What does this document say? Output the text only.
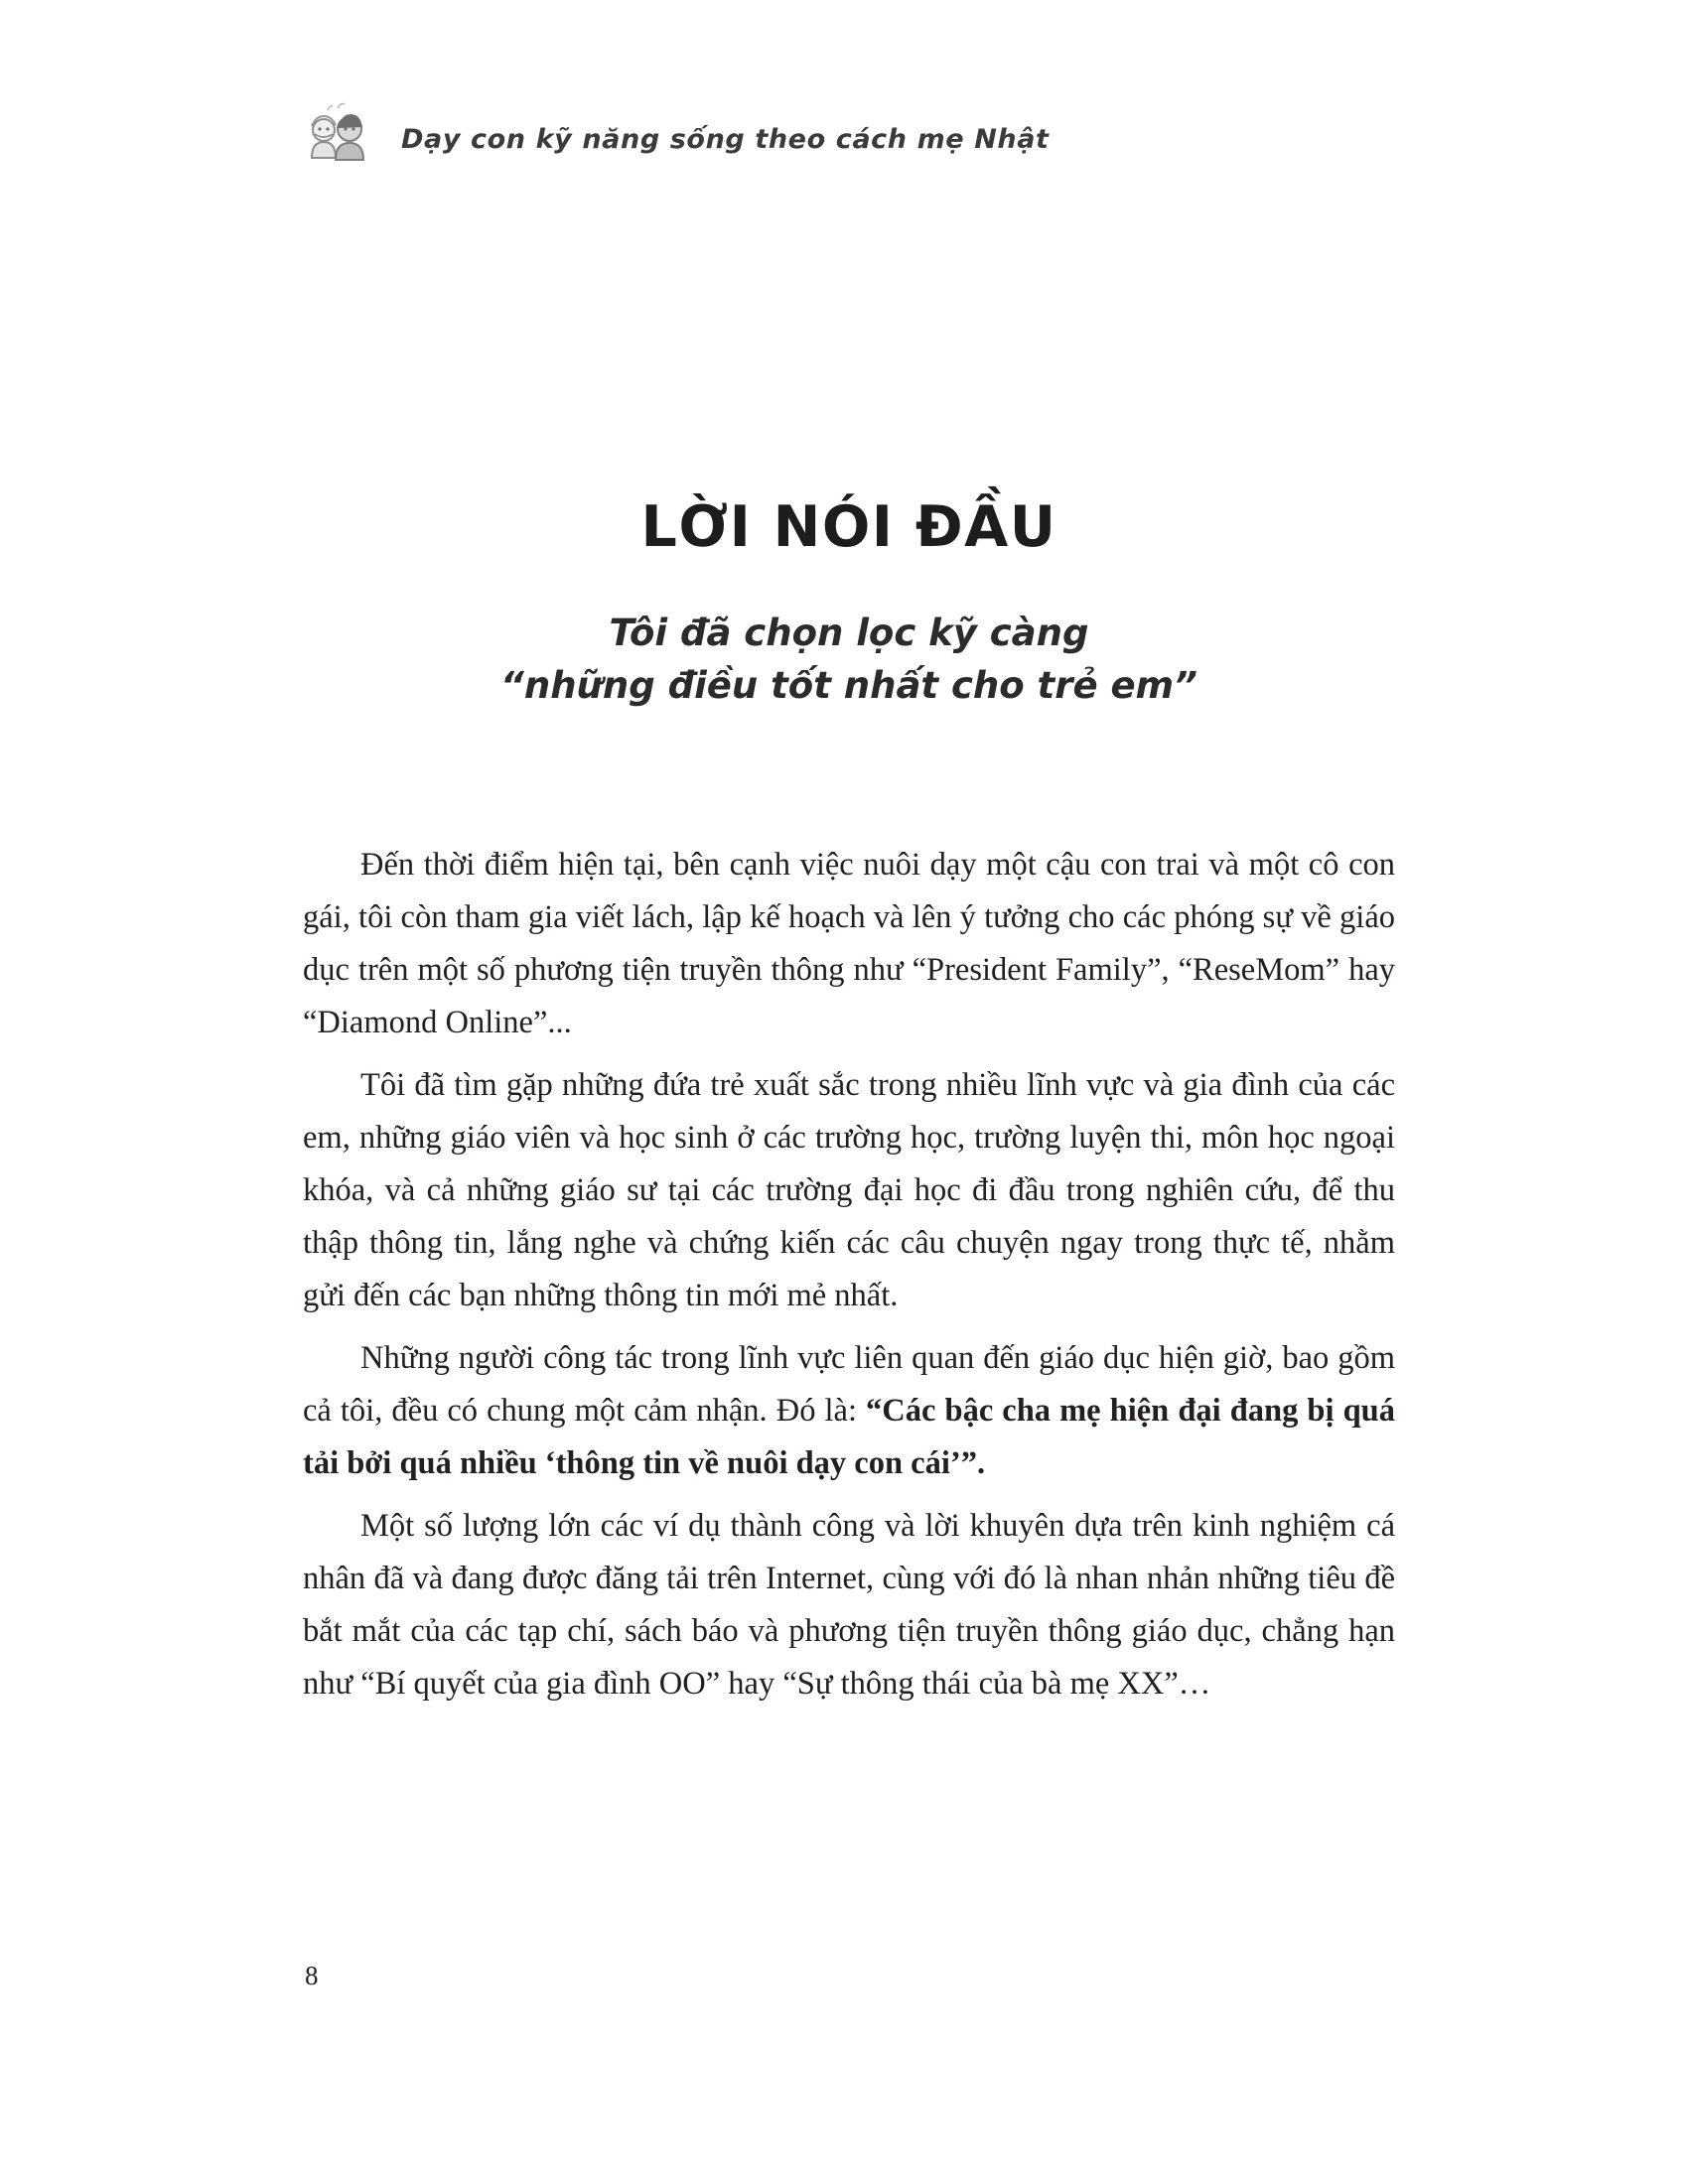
Dạy con kỹ năng sống theo cách mẹ Nhật
LỜI NÓI ĐẦU
Tôi đã chọn lọc kỹ càng
“những điều tốt nhất cho trẻ em”

Đến thời điểm hiện tại, bên cạnh việc nuôi dạy một cậu con trai và một cô con gái, tôi còn tham gia viết lách, lập kế hoạch và lên ý tưởng cho các phóng sự về giáo dục trên một số phương tiện truyền thông như “President Family”, “ReseMom” hay “Diamond Online”...

Tôi đã tìm gặp những đứa trẻ xuất sắc trong nhiều lĩnh vực và gia đình của các em, những giáo viên và học sinh ở các trường học, trường luyện thi, môn học ngoại khóa, và cả những giáo sư tại các trường đại học đi đầu trong nghiên cứu, để thu thập thông tin, lắng nghe và chứng kiến các câu chuyện ngay trong thực tế, nhằm gửi đến các bạn những thông tin mới mẻ nhất.

Những người công tác trong lĩnh vực liên quan đến giáo dục hiện giờ, bao gồm cả tôi, đều có chung một cảm nhận. Đó là: “Các bậc cha mẹ hiện đại đang bị quá tải bởi quá nhiều ‘thông tin về nuôi dạy con cái’”.

Một số lượng lớn các ví dụ thành công và lời khuyên dựa trên kinh nghiệm cá nhân đã và đang được đăng tải trên Internet, cùng với đó là nhan nhản những tiêu đề bắt mắt của các tạp chí, sách báo và phương tiện truyền thông giáo dục, chẳng hạn như “Bí quyết của gia đình OO” hay “Sự thông thái của bà mẹ XX”…

8
